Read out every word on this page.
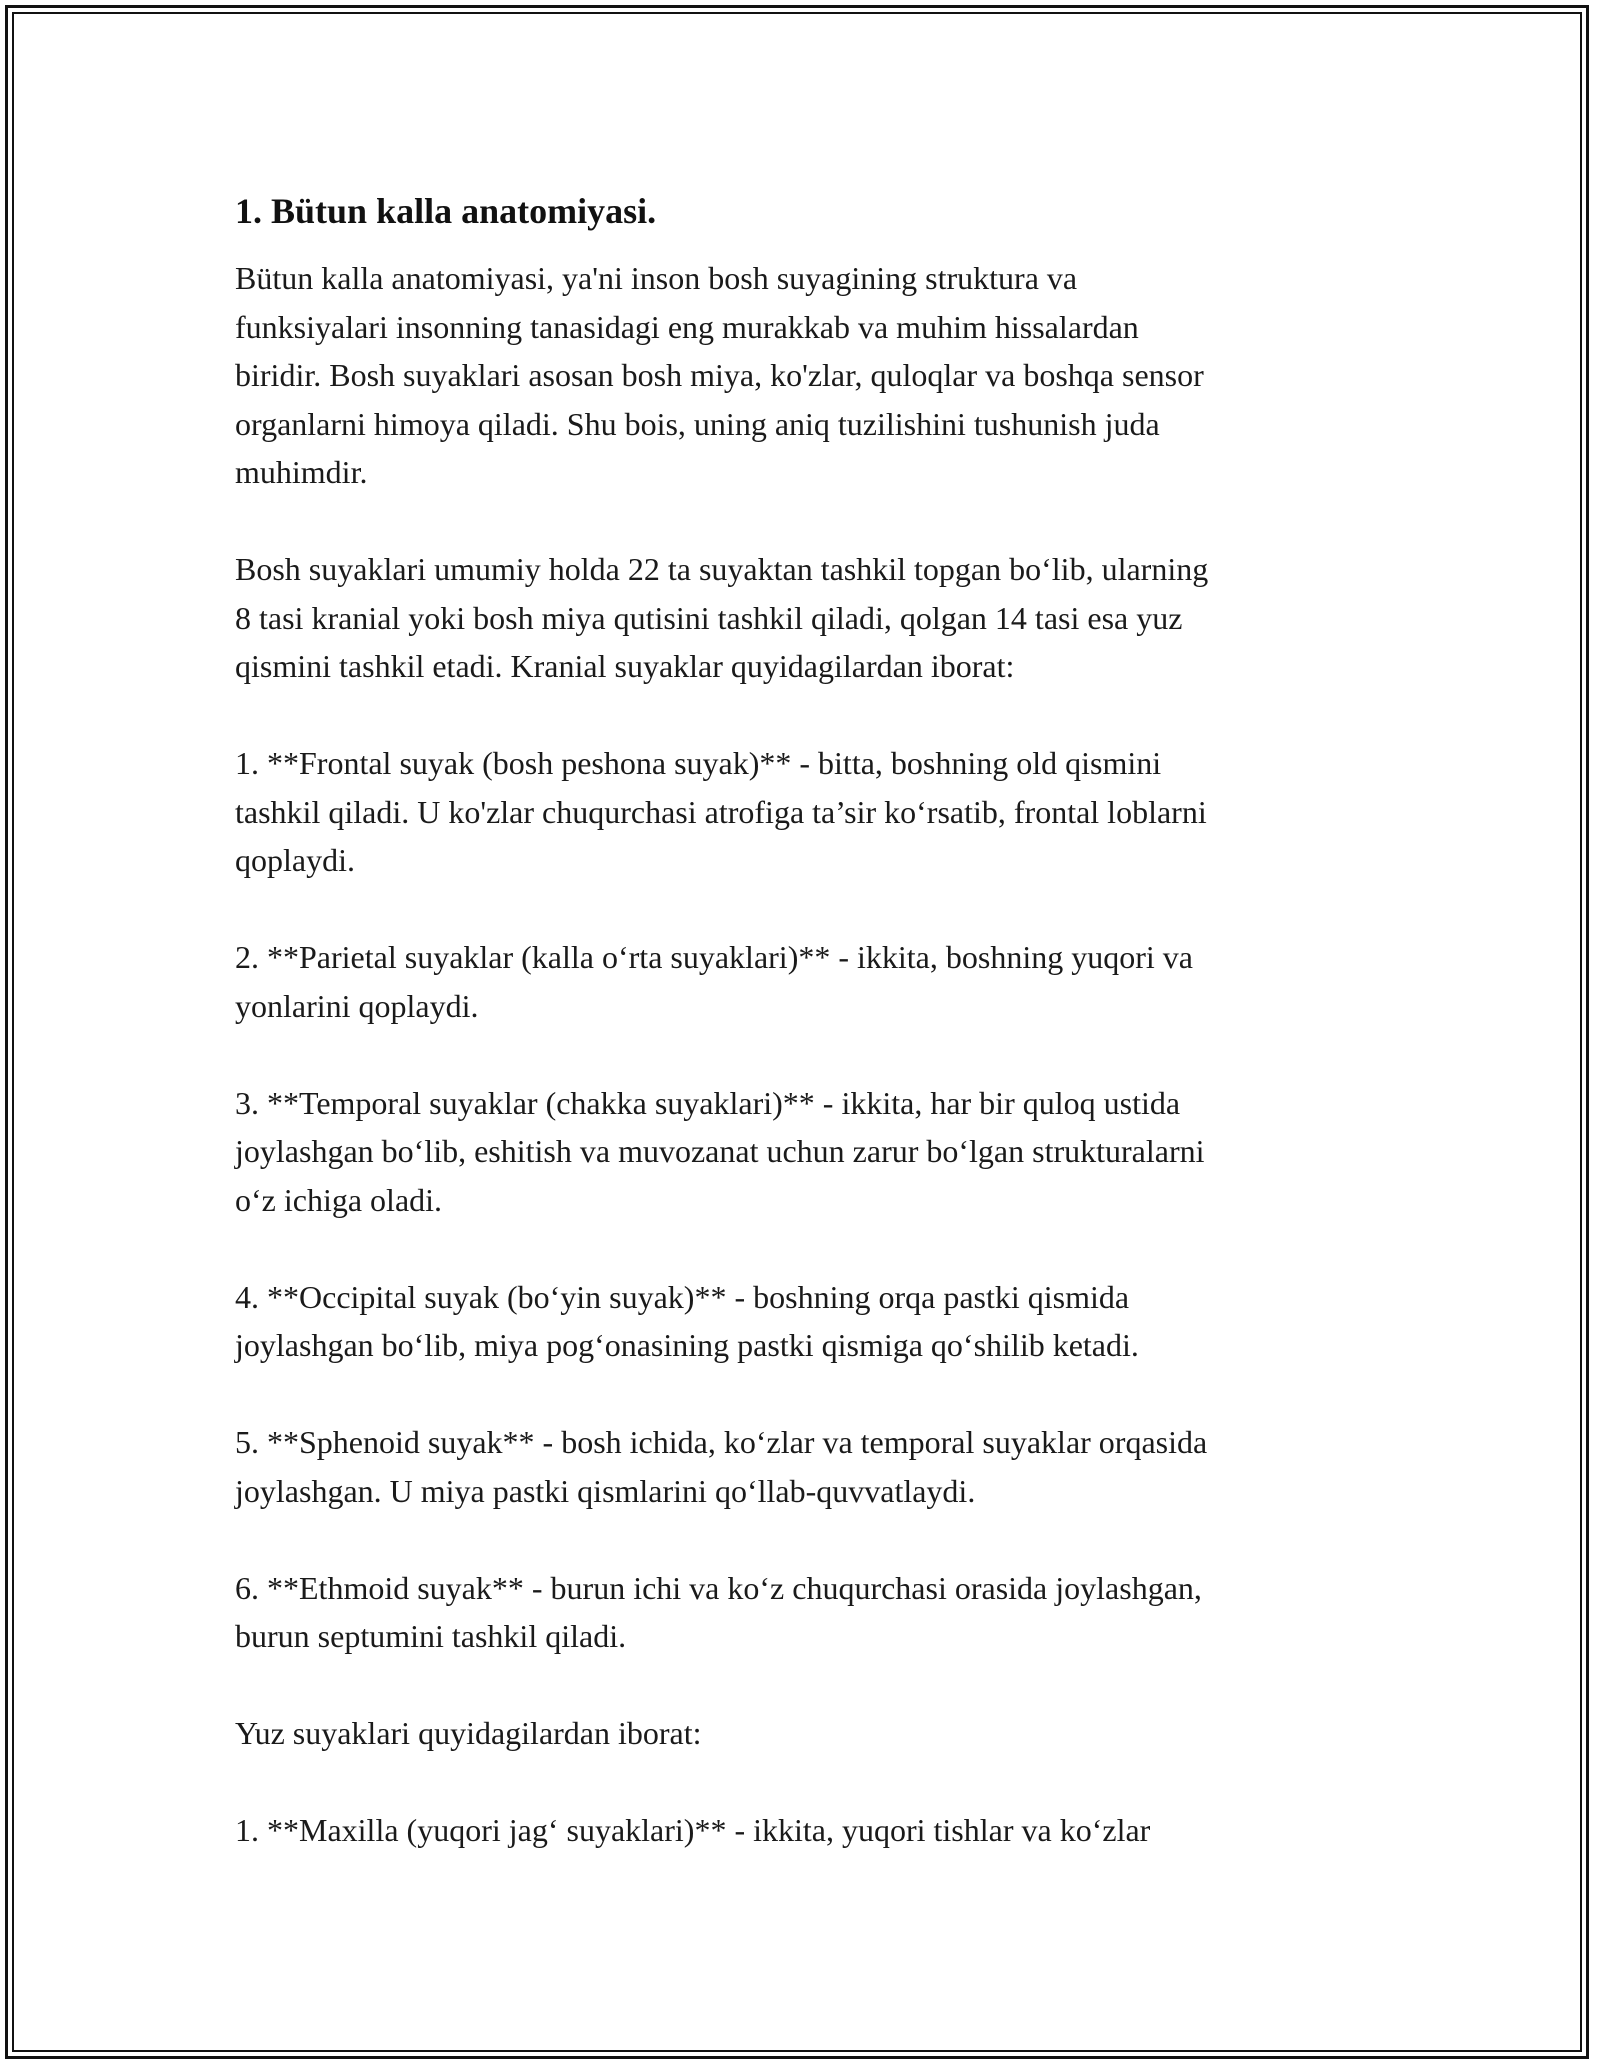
1. Bütun kalla anatomiyasi.

Bütun kalla anatomiyasi, ya'ni inson bosh suyagining struktura va
funksiyalari insonning tanasidagi eng murakkab va muhim hissalardan
biridir. Bosh suyaklari asosan bosh miya, ko'zlar, quloqlar va boshqa sensor
organlarni himoya qiladi. Shu bois, uning aniq tuzilishini tushunish juda
muhimdir.

Bosh suyaklari umumiy holda 22 ta suyaktan tashkil topgan bo‘lib, ularning
8 tasi kranial yoki bosh miya qutisini tashkil qiladi, qolgan 14 tasi esa yuz
qismini tashkil etadi. Kranial suyaklar quyidagilardan iborat:

1. **Frontal suyak (bosh peshona suyak)** - bitta, boshning old qismini
tashkil qiladi. U ko'zlar chuqurchasi atrofiga ta’sir ko‘rsatib, frontal loblarni
qoplaydi.

2. **Parietal suyaklar (kalla o‘rta suyaklari)** - ikkita, boshning yuqori va
yonlarini qoplaydi.

3. **Temporal suyaklar (chakka suyaklari)** - ikkita, har bir quloq ustida
joylashgan bo‘lib, eshitish va muvozanat uchun zarur bo‘lgan strukturalarni
o‘z ichiga oladi.

4. **Occipital suyak (bo‘yin suyak)** - boshning orqa pastki qismida
joylashgan bo‘lib, miya pog‘onasining pastki qismiga qo‘shilib ketadi.

5. **Sphenoid suyak** - bosh ichida, ko‘zlar va temporal suyaklar orqasida
joylashgan. U miya pastki qismlarini qo‘llab-quvvatlaydi.

6. **Ethmoid suyak** - burun ichi va ko‘z chuqurchasi orasida joylashgan,
burun septumini tashkil qiladi.

Yuz suyaklari quyidagilardan iborat:

1. **Maxilla (yuqori jag‘ suyaklari)** - ikkita, yuqori tishlar va ko‘zlar
